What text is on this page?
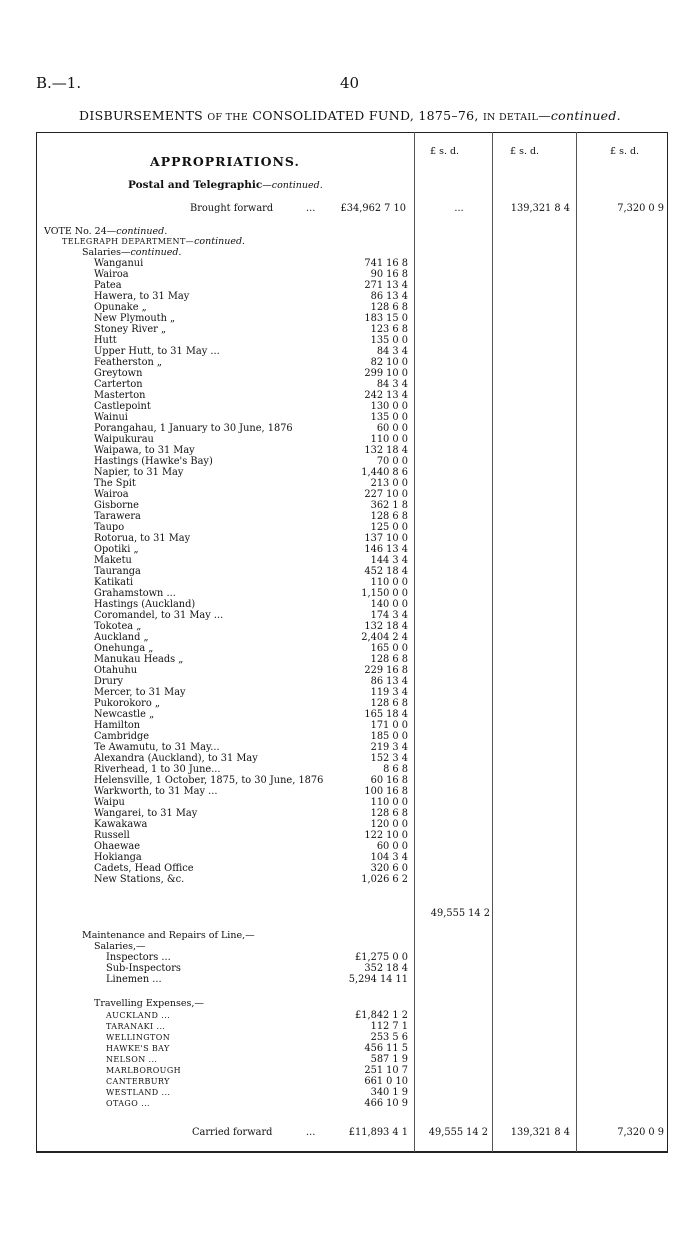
B.—1.	40
DISBURSEMENTS OF THE CONSOLIDATED FUND, 1875–76, IN DETAIL—continued.
£ s. d.	£ s. d.	£ s. d.
APPROPRIATIONS.
Postal and Telegraphic—continued.
Brought forward	...	£34,962 7 10	...	139,321 8 4	7,320 0 9
VOTE No. 24—continued.
TELEGRAPH DEPARTMENT—continued.
Salaries—continued.
Wanganui	741 16 8
Wairoa	90 16 8
Patea	271 13 4
Hawera, to 31 May	86 13 4
Opunake „	128 6 8
New Plymouth „	183 15 0
Stoney River „	123 6 8
Hutt	135 0 0
Upper Hutt, to 31 May ...	84 3 4
Featherston „	82 10 0
Greytown	299 10 0
Carterton	84 3 4
Masterton	242 13 4
Castlepoint	130 0 0
Wainui	135 0 0
Porangahau, 1 January to 30 June, 1876	60 0 0
Waipukurau	110 0 0
Waipawa, to 31 May	132 18 4
Hastings (Hawke's Bay)	70 0 0
Napier, to 31 May	1,440 8 6
The Spit	213 0 0
Wairoa	227 10 0
Gisborne	362 1 8
Tarawera	128 6 8
Taupo	125 0 0
Rotorua, to 31 May	137 10 0
Opotiki „	146 13 4
Maketu	144 3 4
Tauranga	452 18 4
Katikati	110 0 0
Grahamstown ...	1,150 0 0
Hastings (Auckland)	140 0 0
Coromandel, to 31 May ...	174 3 4
Tokotea „	132 18 4
Auckland „	2,404 2 4
Onehunga „	165 0 0
Manukau Heads „	128 6 8
Otahuhu	229 16 8
Drury	86 13 4
Mercer, to 31 May	119 3 4
Pukorokoro „	128 6 8
Newcastle „	165 18 4
Hamilton	171 0 0
Cambridge	185 0 0
Te Awamutu, to 31 May...	219 3 4
Alexandra (Auckland), to 31 May	152 3 4
Riverhead, 1 to 30 June...	8 6 8
Helensville, 1 October, 1875, to 30 June, 1876	60 16 8
Warkworth, to 31 May ...	100 16 8
Waipu	110 0 0
Wangarei, to 31 May	128 6 8
Kawakawa	120 0 0
Russell	122 10 0
Ohaewae	60 0 0
Hokianga	104 3 4
Cadets, Head Office	320 6 0
New Stations, &c.	1,026 6 2
49,555 14 2
Maintenance and Repairs of Line,—
Salaries,—
Inspectors ...	£1,275 0 0
Sub-Inspectors	352 18 4
Linemen ...	5,294 14 11
Travelling Expenses,—
AUCKLAND ...	£1,842 1 2
TARANAKI ...	112 7 1
WELLINGTON	253 5 6
HAWKE'S BAY	456 11 5
NELSON ...	587 1 9
MARLBOROUGH	251 10 7
CANTERBURY	661 0 10
WESTLAND ...	340 1 9
OTAGO ...	466 10 9
Carried forward	...	£11,893 4 1	49,555 14 2	139,321 8 4	7,320 0 9
